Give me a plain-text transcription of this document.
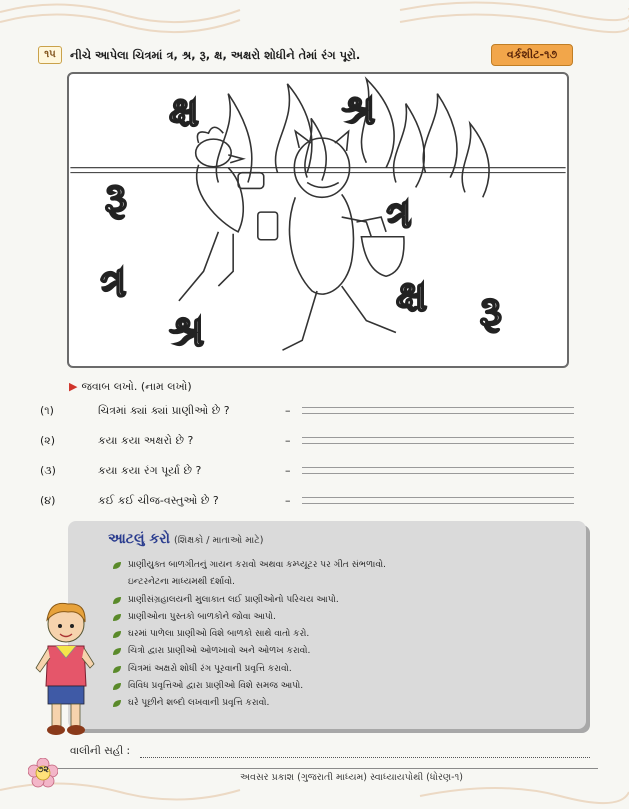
૧૫	નીચે આપેલા ચિત્રમાં ત્ર, શ્ર, રૂ, ક્ષ, અક્ષરો શોધીને તેમાં રંગ પૂરો.	વર્કશીટ-૧૭
ક્ષ	શ્ર
રૂ	ત્ર
ત્ર
શ્ર
ક્ષ રૂ
▶ જવાબ લખો. (નામ લખો)
(૧)	ચિત્રમાં ક્યાં ક્યાં પ્રાણીઓ છે ?	–
(૨)	કયા કયા અક્ષરો છે ?	–
(૩)	કયા કયા રંગ પૂર્યા છે ?	–
(૪)	કઈ કઈ ચીજ-વસ્તુઓ છે ?	–
આટલું કરો (શિક્ષકો / માતાઓ માટે)
પ્રાણીયુક્ત બાળગીતનું ગાયન કરાવો અથવા કમ્પ્યૂટર પર ગીત સંભળાવો.
ઇન્ટરનેટના માધ્યમથી દર્શાવો.
પ્રાણીસંગ્રહાલયની મુલાકાત લઈ પ્રાણીઓનો પરિચય આપો.
પ્રાણીઓના પુસ્તકો બાળકોને જોવા આપો.
ઘરમાં પાળેલા પ્રાણીઓ વિશે બાળકો સાથે વાતો કરો.
ચિત્રો દ્વારા પ્રાણીઓ ઓળખાવો અને ઓળખ કરાવો.
ચિત્રમાં અક્ષરો શોધી રંગ પૂરવાની પ્રવૃત્તિ કરાવો.
વિવિધ પ્રવૃત્તિઓ દ્વારા પ્રાણીઓ વિશે સમજ આપો.
ઘરે પૂછીને શબ્દો લખવાની પ્રવૃત્તિ કરાવો.
વાલીની સહી :
૭૨
અવસર પ્રકાશ (ગુજરાતી માધ્યમ) સ્વાધ્યાયપોથી (ધોરણ-૧)
